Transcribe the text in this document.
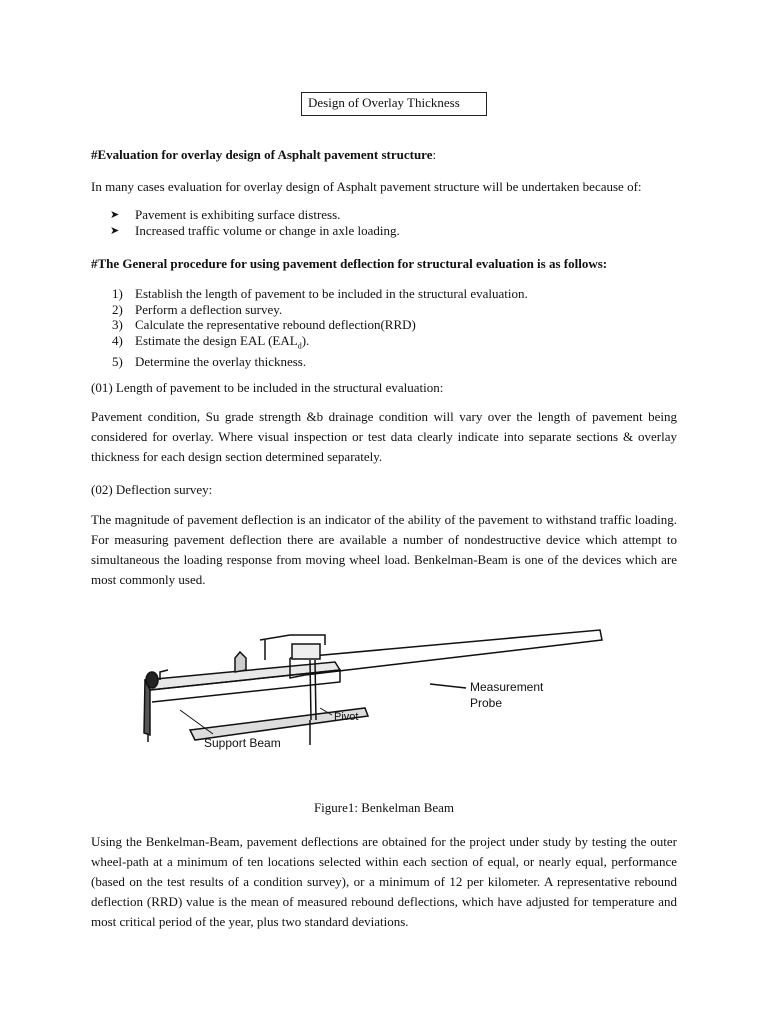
Design of Overlay Thickness

#Evaluation for overlay design of Asphalt pavement structure:

In many cases evaluation for overlay design of Asphalt pavement structure will be undertaken because of:

➤ Pavement is exhibiting surface distress.
➤ Increased traffic volume or change in axle loading.

#The General procedure for using pavement deflection for structural evaluation is as follows:

1) Establish the length of pavement to be included in the structural evaluation.
2) Perform a deflection survey.
3) Calculate the representative rebound deflection(RRD)
4) Estimate the design EAL $(EAL_d)$.
5) Determine the overlay thickness.

(01) Length of pavement to be included in the structural evaluation:

Pavement condition, Su grade strength &b drainage condition will vary over the length of pavement being considered for overlay. Where visual inspection or test data clearly indicate into separate sections & overlay thickness for each design section determined separately.

(02) Deflection survey:

The magnitude of pavement deflection is an indicator of the ability of the pavement to withstand traffic loading. For measuring pavement deflection there are available a number of nondestructive device which attempt to simultaneous the loading response from moving wheel load. Benkelman-Beam is one of the devices which are most commonly used.

Measurement
Probe
Pivot
Support Beam
Figure1: Benkelman Beam

Using the Benkelman-Beam, pavement deflections are obtained for the project under study by testing the outer wheel-path at a minimum of ten locations selected within each section of equal, or nearly equal, performance (based on the test results of a condition survey), or a minimum of 12 per kilometer. A representative rebound deflection (RRD) value is the mean of measured rebound deflections, which have adjusted for temperature and most critical period of the year, plus two standard deviations.
